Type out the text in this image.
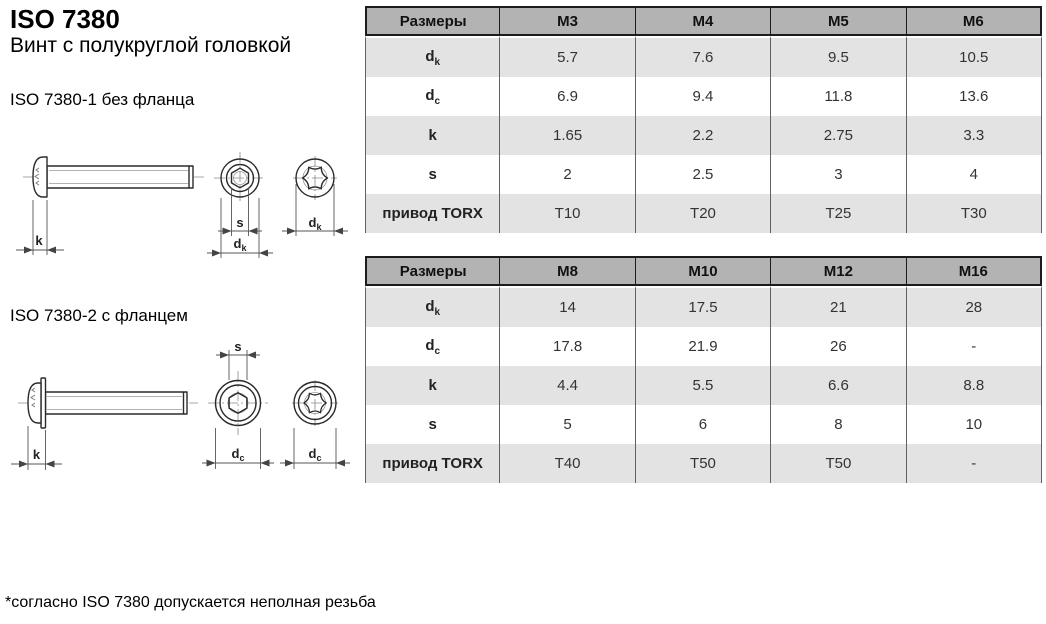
ISO 7380
Винт с полукруглой головкой
ISO 7380-1 без фланца
k
s
$d_k$
$d_k$
ISO 7380-2 с фланцем
k
s
$d_c$	$d_c$
Размеры	M3	M4	M5	M6
$d_k$	5.7	7.6	9.5	10.5
$d_c$	6.9	9.4	11.8	13.6
k	1.65	2.2	2.75	3.3
s	2	2.5	3	4
привод TORX	T10	T20	T25	T30
Размеры	M8	M10	M12	M16
$d_k$	14	17.5	21	28
$d_c$	17.8	21.9	26	-
k	4.4	5.5	6.6	8.8
s	5	6	8	10
привод TORX	T40	T50	T50	-
*согласно ISO 7380 допускается неполная резьба
